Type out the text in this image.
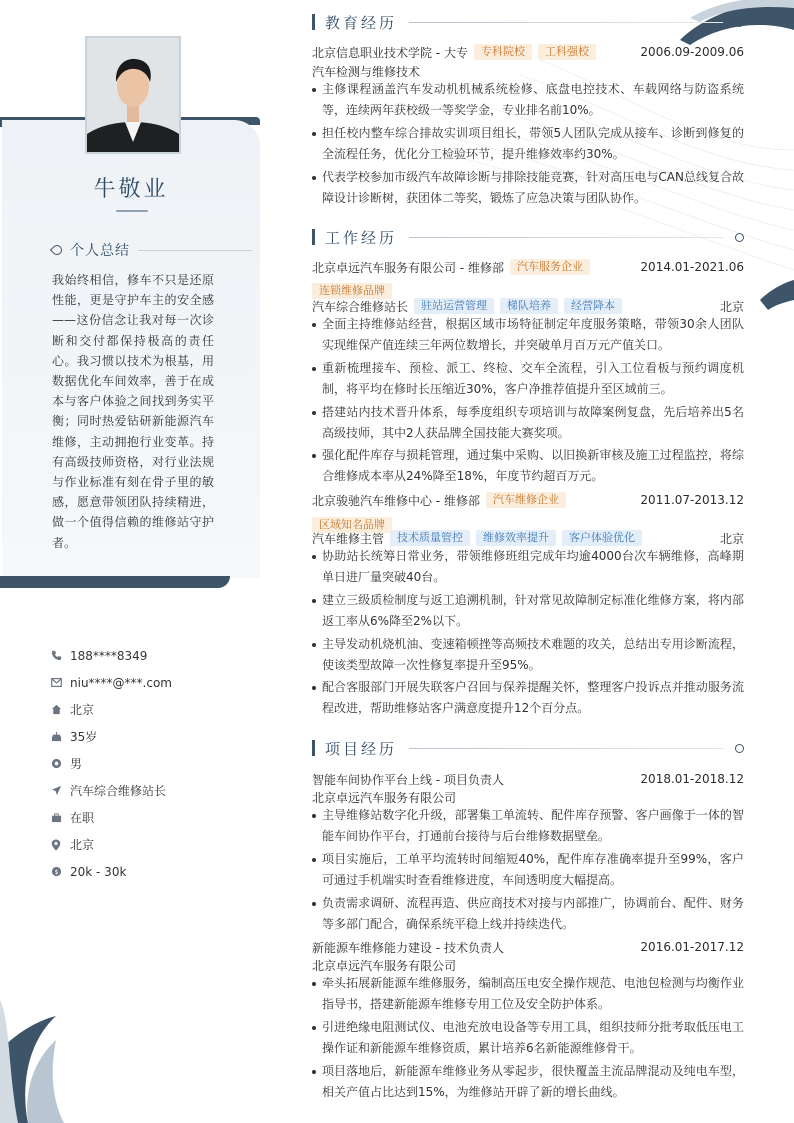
牛敬业
个人总结
我始终相信，修车不只是还原性能，更是守护车主的安全感——这份信念让我对每一次诊断和交付都保持极高的责任心。我习惯以技术为根基，用数据优化车间效率，善于在成本与客户体验之间找到务实平衡；同时热爱钻研新能源汽车维修，主动拥抱行业变革。持有高级技师资格，对行业法规与作业标准有刻在骨子里的敏感，愿意带领团队持续精进，做一个值得信赖的维修站守护者。
188****8349
niu****@***.com
北京
35岁
男
汽车综合维修站长
在职
北京
$ 20k - 30k
教育经历
北京信息职业技术学院 - 大专	专科院校	工科强校	2006.09-2009.06
汽车检测与维修技术
主修课程涵盖汽车发动机机械系统检修、底盘电控技术、车载网络与防盗系统等，连续两年获校级一等奖学金，专业排名前10%。
担任校内整车综合排故实训项目组长，带领5人团队完成从接车、诊断到修复的全流程任务，优化分工检验环节，提升维修效率约30%。
代表学校参加市级汽车故障诊断与排除技能竞赛，针对高压电与CAN总线复合故障设计诊断树，获团体二等奖，锻炼了应急决策与团队协作。
工作经历
北京卓远汽车服务有限公司 - 维修部	汽车服务企业	2014.01-2021.06
连锁维修品牌
汽车综合维修站长	驻站运营管理	梯队培养	经营降本	北京
全面主持维修站经营，根据区域市场特征制定年度服务策略，带领30余人团队实现维保产值连续三年两位数增长，并突破单月百万元产值关口。
重新梳理接车、预检、派工、终检、交车全流程，引入工位看板与预约调度机制，将平均在修时长压缩近30%，客户净推荐值提升至区域前三。
搭建站内技术晋升体系，每季度组织专项培训与故障案例复盘，先后培养出5名高级技师，其中2人获品牌全国技能大赛奖项。
强化配件库存与损耗管理，通过集中采购、以旧换新审核及施工过程监控，将综合维修成本率从24%降至18%，年度节约超百万元。
北京骏驰汽车维修中心 - 维修部	汽车维修企业	2011.07-2013.12
区域知名品牌
汽车维修主管	技术质量管控	维修效率提升	客户体验优化	北京
协助站长统筹日常业务，带领维修班组完成年均逾4000台次车辆维修，高峰期单日进厂量突破40台。
建立三级质检制度与返工追溯机制，针对常见故障制定标准化维修方案，将内部返工率从6%降至2%以下。
主导发动机烧机油、变速箱顿挫等高频技术难题的攻关，总结出专用诊断流程，使该类型故障一次性修复率提升至95%。
配合客服部门开展失联客户召回与保养提醒关怀，整理客户投诉点并推动服务流程改进，帮助维修站客户满意度提升12个百分点。
项目经历
智能车间协作平台上线 - 项目负责人	2018.01-2018.12
北京卓远汽车服务有限公司
主导维修站数字化升级，部署集工单流转、配件库存预警、客户画像于一体的智能车间协作平台，打通前台接待与后台维修数据壁垒。
项目实施后，工单平均流转时间缩短40%，配件库存准确率提升至99%，客户可通过手机端实时查看维修进度，车间透明度大幅提高。
负责需求调研、流程再造、供应商技术对接与内部推广，协调前台、配件、财务等多部门配合，确保系统平稳上线并持续迭代。
新能源车维修能力建设 - 技术负责人	2016.01-2017.12
北京卓远汽车服务有限公司
牵头拓展新能源车维修服务，编制高压电安全操作规范、电池包检测与均衡作业指导书，搭建新能源车维修专用工位及安全防护体系。
引进绝缘电阻测试仪、电池充放电设备等专用工具，组织技师分批考取低压电工操作证和新能源车维修资质，累计培养6名新能源维修骨干。
项目落地后，新能源车维修业务从零起步，很快覆盖主流品牌混动及纯电车型，相关产值占比达到15%，为维修站开辟了新的增长曲线。
